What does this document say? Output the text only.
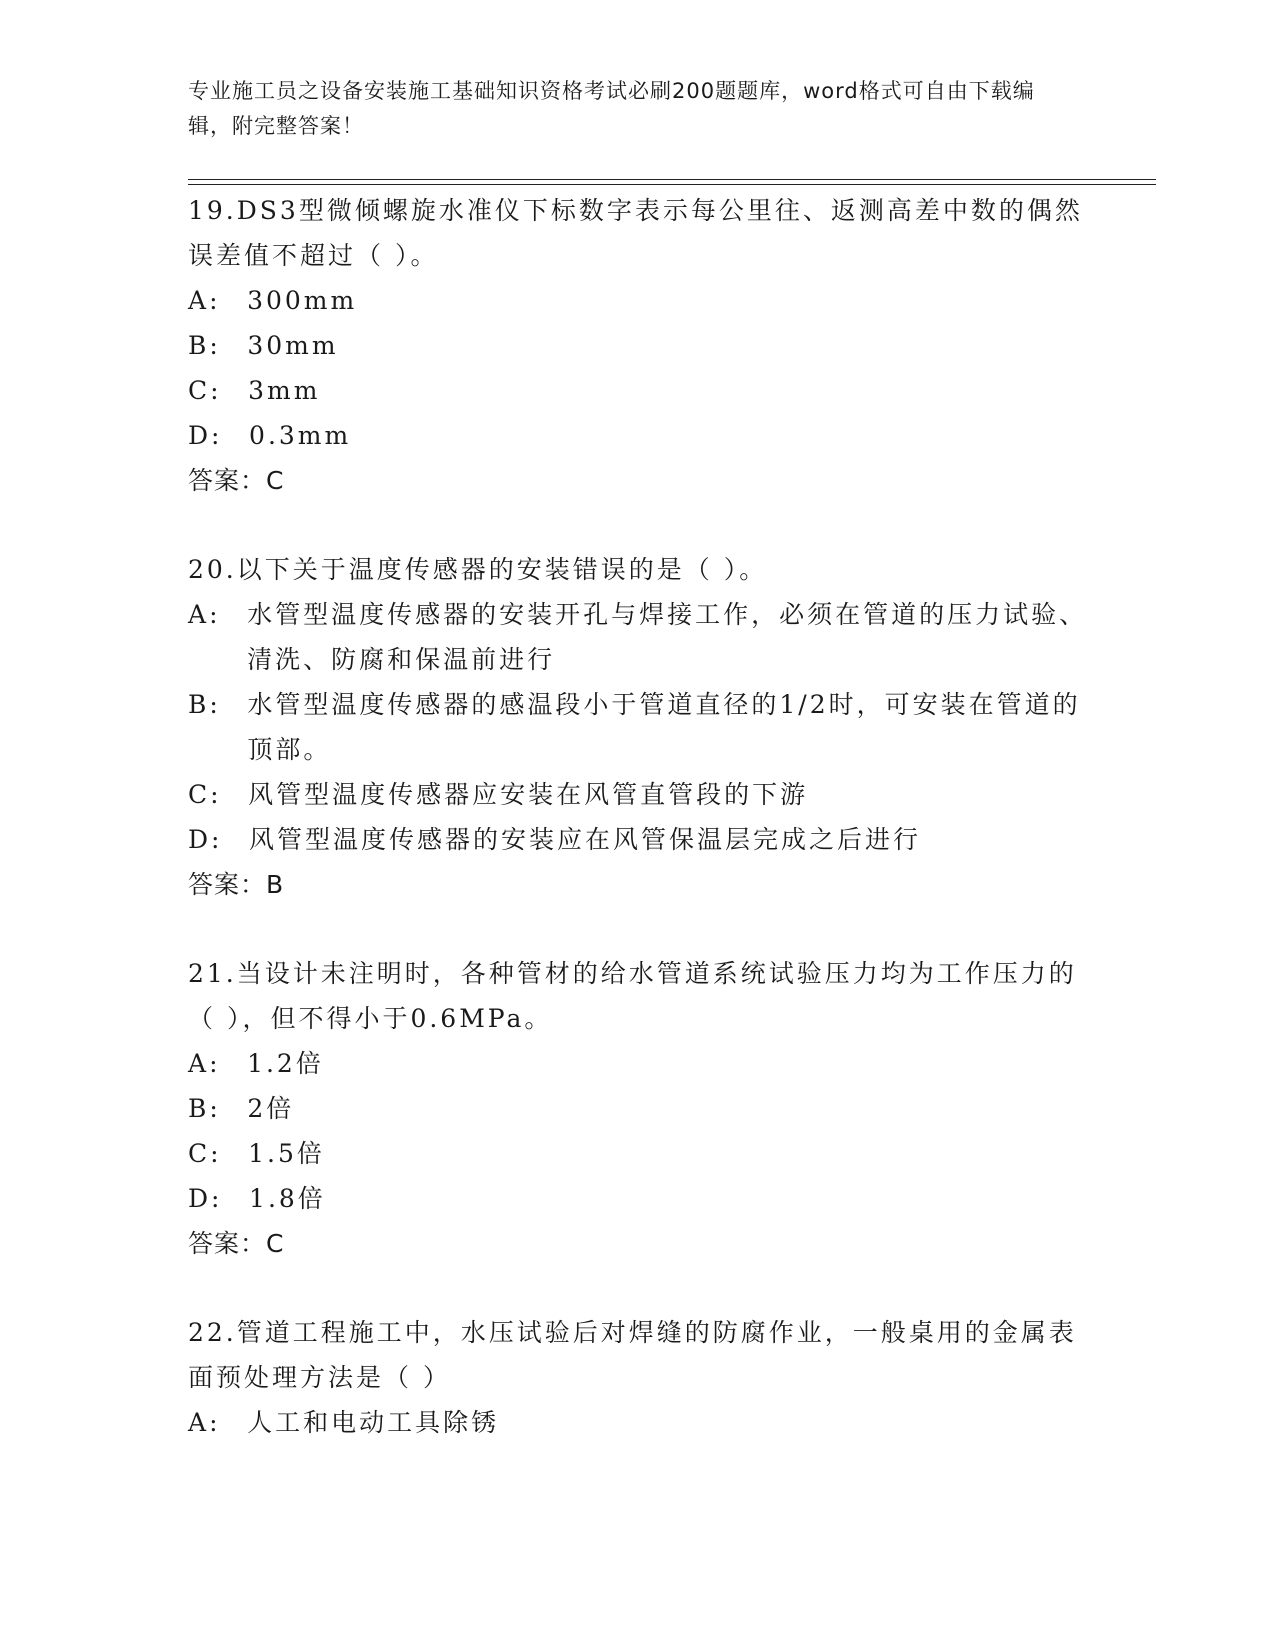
专业施工员之设备安装施工基础知识资格考试必刷200题题库，word格式可自由下载编辑，附完整答案！

19.DS3型微倾螺旋水准仪下标数字表示每公里往、返测高差中数的偶然误差值不超过（ ）。

A :	300mm
B :	30mm
C :	3mm
D :	0.3mm

答案：C

20.以下关于温度传感器的安装错误的是（ ）。

A :	水管型温度传感器的安装开孔与焊接工作，必须在管道的压力试验、清洗、防腐和保温前进行
B :	水管型温度传感器的感温段小于管道直径的1/2时，可安装在管道的顶部。
C :	风管型温度传感器应安装在风管直管段的下游
D :	风管型温度传感器的安装应在风管保温层完成之后进行

答案：B

21.当设计未注明时，各种管材的给水管道系统试验压力均为工作压力的（ ），但不得小于0.6MPa。

A :	1.2倍
B :	2倍
C :	1.5倍
D :	1.8倍

答案：C

22.管道工程施工中，水压试验后对焊缝的防腐作业，一般桌用的金属表面预处理方法是（ ）

A :	人工和电动工具除锈
